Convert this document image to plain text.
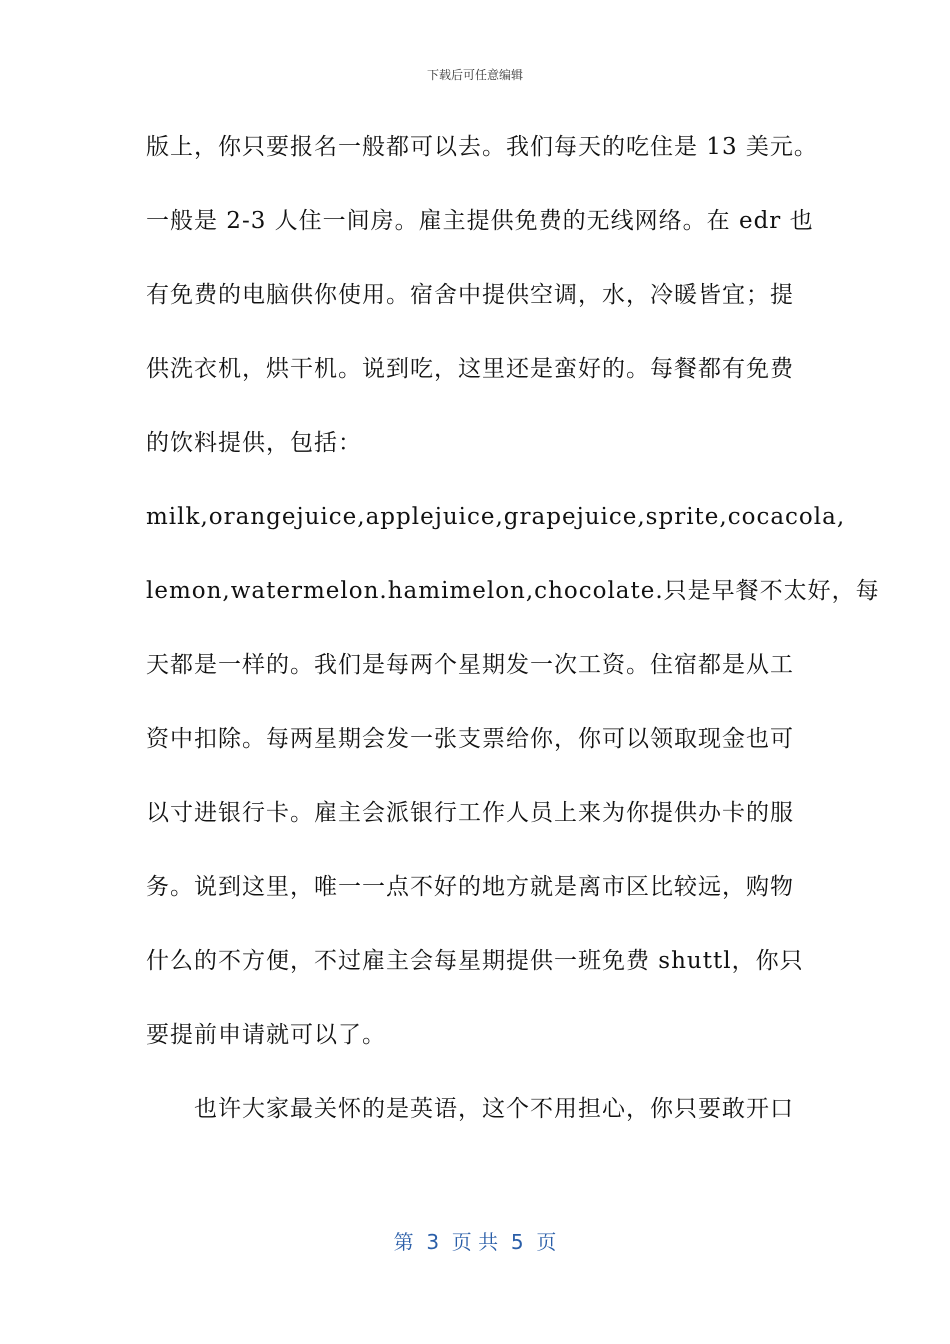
下载后可任意编辑
版上，你只要报名一般都可以去。我们每天的吃住是 13 美元。
一般是 2-3 人住一间房。雇主提供免费的无线网络。在 edr 也
有免费的电脑供你使用。宿舍中提供空调，水，冷暖皆宜；提
供洗衣机，烘干机。说到吃，这里还是蛮好的。每餐都有免费
的饮料提供，包括：
milk,orangejuice,applejuice,grapejuice,sprite,cocacola,
lemon,watermelon.hamimelon,chocolate.只是早餐不太好，每
天都是一样的。我们是每两个星期发一次工资。住宿都是从工
资中扣除。每两星期会发一张支票给你，你可以领取现金也可
以寸进银行卡。雇主会派银行工作人员上来为你提供办卡的服
务。说到这里，唯一一点不好的地方就是离市区比较远，购物
什么的不方便，不过雇主会每星期提供一班免费 shuttl，你只
要提前申请就可以了。
也许大家最关怀的是英语，这个不用担心，你只要敢开口
第  3  页 共  5  页
